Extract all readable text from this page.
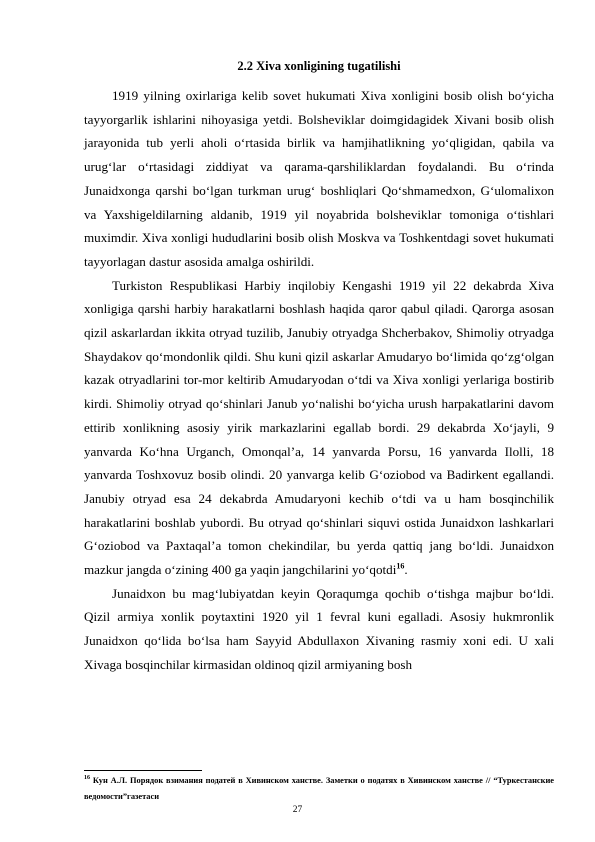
2.2 Xiva xonligining tugatilishi

1919 yilning oxirlariga kelib sovet hukumati Xiva xonligini bosib olish bo‘yicha tayyorgarlik ishlarini nihoyasiga yetdi. Bolsheviklar doimgidagidek Xivani bosib olish jarayonida tub yerli aholi o‘rtasida birlik va hamjihatlikning yo‘qligidan, qabila va urug‘lar o‘rtasidagi ziddiyat va qarama-qarshiliklardan foydalandi. Bu o‘rinda Junaidxonga qarshi bo‘lgan turkman urug‘ boshliqlari Qo‘shmamedxon, G‘ulomalixon va Yaxshigeldilarning aldanib, 1919 yil noyabrida bolsheviklar tomoniga o‘tishlari muximdir. Xiva xonligi hududlarini bosib olish Moskva va Toshkentdagi sovet hukumati tayyorlagan dastur asosida amalga oshirildi.

Turkiston Respublikasi Harbiy inqilobiy Kengashi 1919 yil 22 dekabrda Xiva xonligiga qarshi harbiy harakatlarni boshlash haqida qaror qabul qiladi. Qarorga asosan qizil askarlardan ikkita otryad tuzilib, Janubiy otryadga Shcherbakov, Shimoliy otryadga Shaydakov qo‘mondonlik qildi. Shu kuni qizil askarlar Amudaryo bo‘limida qo‘zg‘olgan kazak otryadlarini tor-mor keltirib Amudaryodan o‘tdi va Xiva xonligi yerlariga bostirib kirdi. Shimoliy otryad qo‘shinlari Janub yo‘nalishi bo‘yicha urush harpakatlarini davom ettirib xonlikning asosiy yirik markazlarini egallab bordi. 29 dekabrda Xo‘jayli, 9 yanvarda Ko‘hna Urganch, Omonqal’a, 14 yanvarda Porsu, 16 yanvarda Ilolli, 18 yanvarda Toshxovuz bosib olindi. 20 yanvarga kelib G‘oziobod va Badirkent egallandi. Janubiy otryad esa 24 dekabrda Amudaryoni kechib o‘tdi va u ham bosqinchilik harakatlarini boshlab yubordi. Bu otryad qo‘shinlari siquvi ostida Junaidxon lashkarlari G‘oziobod va Paxtaqal’a tomon chekindilar, bu yerda qattiq jang bo‘ldi. Junaidxon mazkur jangda o‘zining 400 ga yaqin jangchilarini yo‘qotdi$^{16}$.

Junaidxon bu mag‘lubiyatdan keyin Qoraqumga qochib o‘tishga majbur bo‘ldi. Qizil armiya xonlik poytaxtini 1920 yil 1 fevral kuni egalladi. Asosiy hukmronlik Junaidxon qo‘lida bo‘lsa ham Sayyid Abdullaxon Xivaning rasmiy xoni edi. U xali Xivaga bosqinchilar kirmasidan oldinoq qizil armiyaning bosh

$^{16}$ Кун А.Л. Порядок взимания податей в Хивинском ханстве. Заметки о податях в Хивинском ханстве // “Туркестанские ведомости”газетаси
27
